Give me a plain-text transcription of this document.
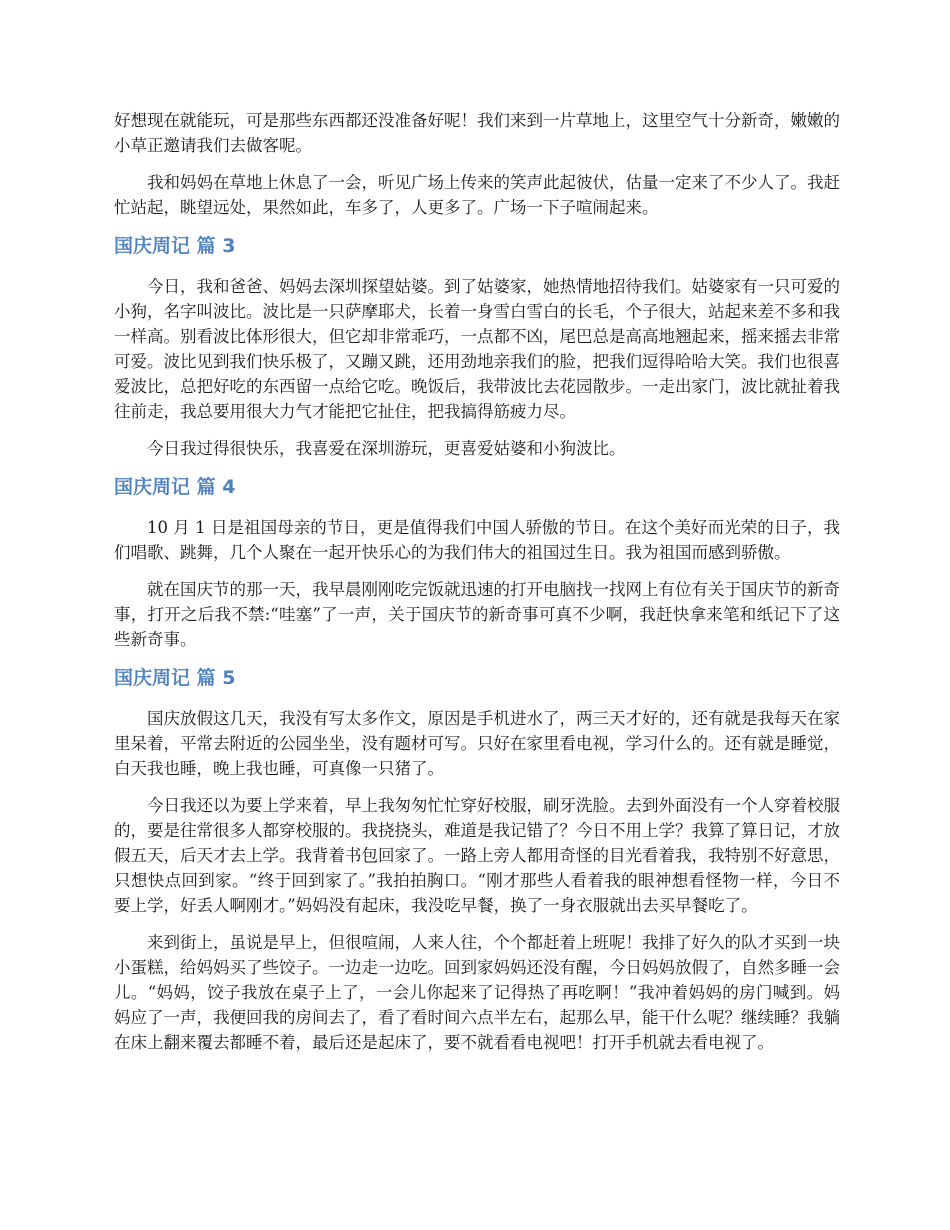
好想现在就能玩，可是那些东西都还没准备好呢！我们来到一片草地上，这里空气十分新奇，嫩嫩的小草正邀请我们去做客呢。

我和妈妈在草地上休息了一会，听见广场上传来的笑声此起彼伏，估量一定来了不少人了。我赶忙站起，眺望远处，果然如此，车多了，人更多了。广场一下子喧闹起来。

国庆周记 篇 3

今日，我和爸爸、妈妈去深圳探望姑婆。到了姑婆家，她热情地招待我们。姑婆家有一只可爱的小狗，名字叫波比。波比是一只萨摩耶犬，长着一身雪白雪白的长毛，个子很大，站起来差不多和我一样高。别看波比体形很大，但它却非常乖巧，一点都不凶，尾巴总是高高地翘起来，摇来摇去非常可爱。波比见到我们快乐极了，又蹦又跳，还用劲地亲我们的脸，把我们逗得哈哈大笑。我们也很喜爱波比，总把好吃的东西留一点给它吃。晚饭后，我带波比去花园散步。一走出家门，波比就扯着我往前走，我总要用很大力气才能把它扯住，把我搞得筋疲力尽。

今日我过得很快乐，我喜爱在深圳游玩，更喜爱姑婆和小狗波比。

国庆周记 篇 4

10 月 1 日是祖国母亲的节日，更是值得我们中国人骄傲的节日。在这个美好而光荣的日子，我们唱歌、跳舞，几个人聚在一起开快乐心的为我们伟大的祖国过生日。我为祖国而感到骄傲。

就在国庆节的那一天，我早晨刚刚吃完饭就迅速的打开电脑找一找网上有位有关于国庆节的新奇事，打开之后我不禁:“哇塞”了一声，关于国庆节的新奇事可真不少啊，我赶快拿来笔和纸记下了这些新奇事。

国庆周记 篇 5

国庆放假这几天，我没有写太多作文，原因是手机进水了，两三天才好的，还有就是我每天在家里呆着，平常去附近的公园坐坐，没有题材可写。只好在家里看电视，学习什么的。还有就是睡觉，白天我也睡，晚上我也睡，可真像一只猪了。

今日我还以为要上学来着，早上我匆匆忙忙穿好校服，刷牙洗脸。去到外面没有一个人穿着校服的，要是往常很多人都穿校服的。我挠挠头，难道是我记错了？今日不用上学？我算了算日记，才放假五天，后天才去上学。我背着书包回家了。一路上旁人都用奇怪的目光看着我，我特别不好意思，只想快点回到家。“终于回到家了。”我拍拍胸口。“刚才那些人看着我的眼神想看怪物一样，今日不要上学，好丢人啊刚才。”妈妈没有起床，我没吃早餐，换了一身衣服就出去买早餐吃了。

来到街上，虽说是早上，但很喧闹，人来人往，个个都赶着上班呢！我排了好久的队才买到一块小蛋糕，给妈妈买了些饺子。一边走一边吃。回到家妈妈还没有醒，今日妈妈放假了，自然多睡一会儿。“妈妈，饺子我放在桌子上了，一会儿你起来了记得热了再吃啊！”我冲着妈妈的房门喊到。妈妈应了一声，我便回我的房间去了，看了看时间六点半左右，起那么早，能干什么呢？继续睡？我躺在床上翻来覆去都睡不着，最后还是起床了，要不就看看电视吧！打开手机就去看电视了。
